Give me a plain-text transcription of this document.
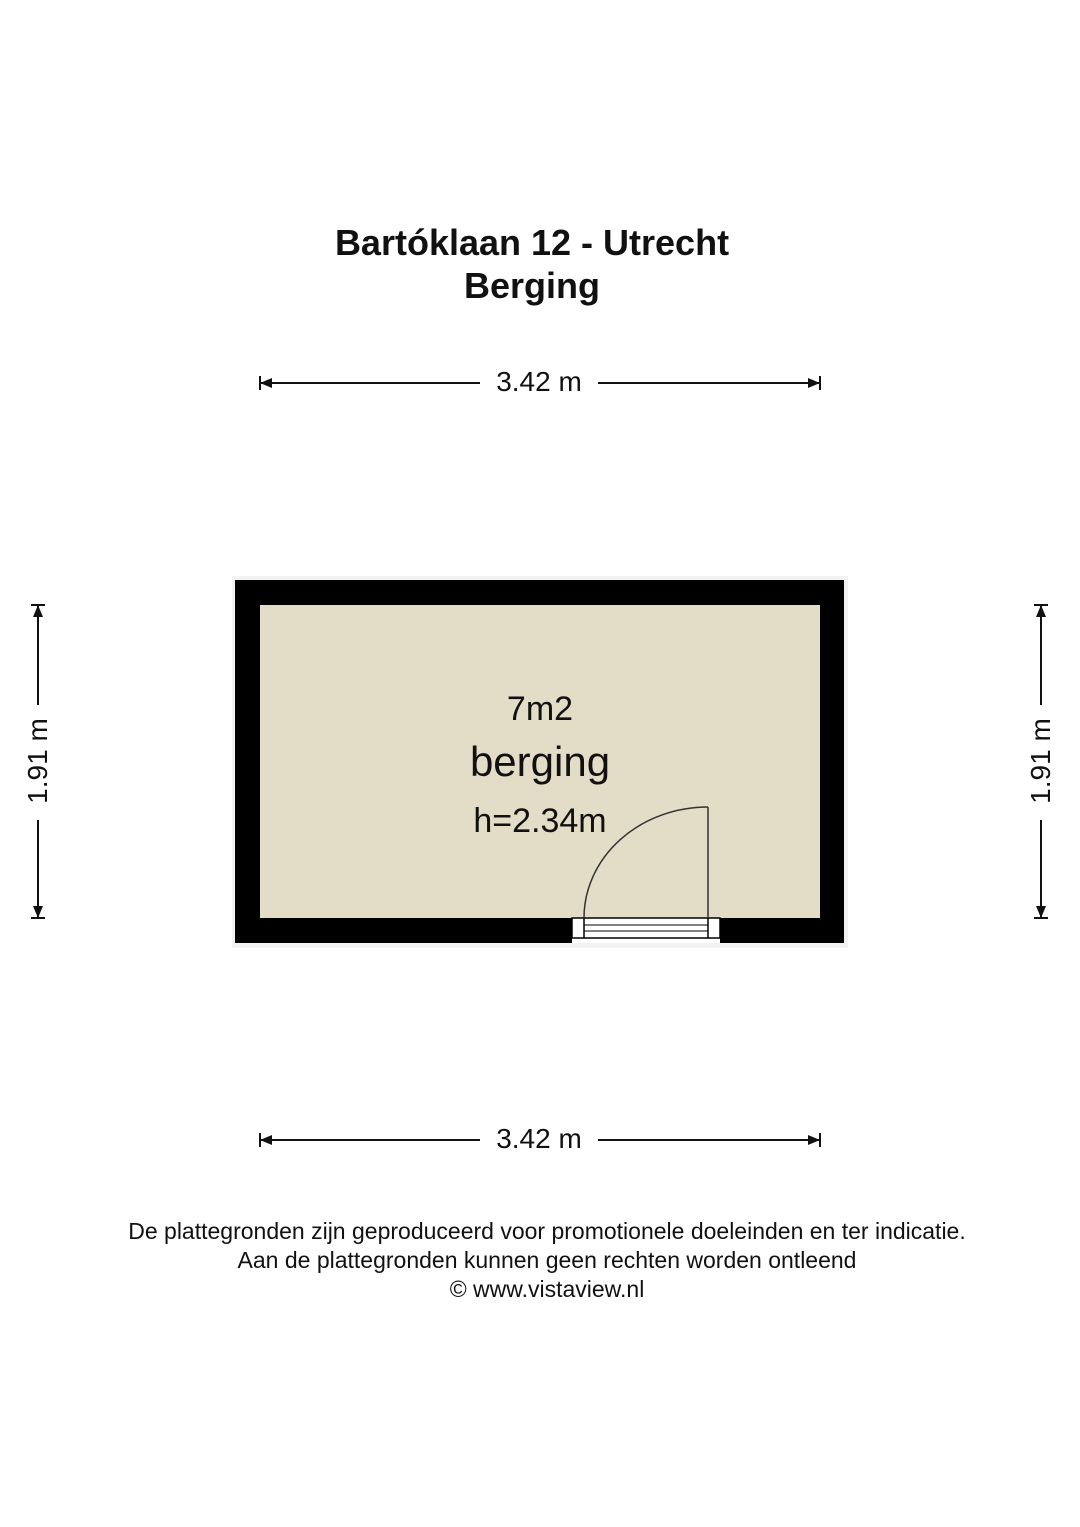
Bartóklaan 12 - Utrecht
Berging
3.42 m
3.42 m
1.91 m	1.91 m
7m2
berging
h=2.34m
De plattegronden zijn geproduceerd voor promotionele doeleinden en ter indicatie.
Aan de plattegronden kunnen geen rechten worden ontleend
© www.vistaview.nl
